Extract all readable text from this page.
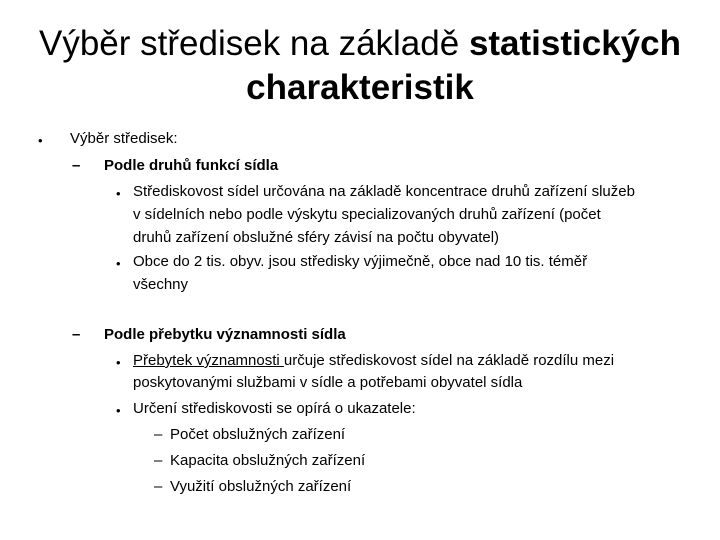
Výběr středisek na základě statistických
charakteristik
• Výběr středisek:
– Podle druhů funkcí sídla
• Střediskovost sídel určována na základě koncentrace druhů zařízení služeb
v sídelních nebo podle výskytu specializovaných druhů zařízení (počet
druhů zařízení obslužné sféry závisí na počtu obyvatel)
• Obce do 2 tis. obyv. jsou středisky výjimečně, obce nad 10 tis. téměř
všechny
– Podle přebytku významnosti sídla
• Přebytek významnosti určuje střediskovost sídel na základě rozdílu mezi
poskytovanými službami v sídle a potřebami obyvatel sídla
• Určení střediskovosti se opírá o ukazatele:
– Počet obslužných zařízení
– Kapacita obslužných zařízení
– Využití obslužných zařízení
